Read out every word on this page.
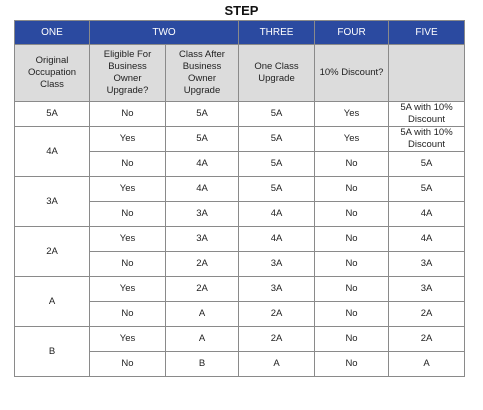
STEP
ONE	TWO		THREE	FOUR	FIVE
Original Occupation Class	Eligible For Business Owner Upgrade?	Class After Business Owner Upgrade	One Class Upgrade	10% Discount?	
5A	No	5A	5A	Yes	5A with 10% Discount
4A	Yes	5A	5A	Yes	5A with 10% Discount
	No	4A	5A	No	5A
3A	Yes	4A	5A	No	5A
	No	3A	4A	No	4A
2A	Yes	3A	4A	No	4A
	No	2A	3A	No	3A
A	Yes	2A	3A	No	3A
	No	A	2A	No	2A
B	Yes	A	2A	No	2A
	No	B	A	No	A
